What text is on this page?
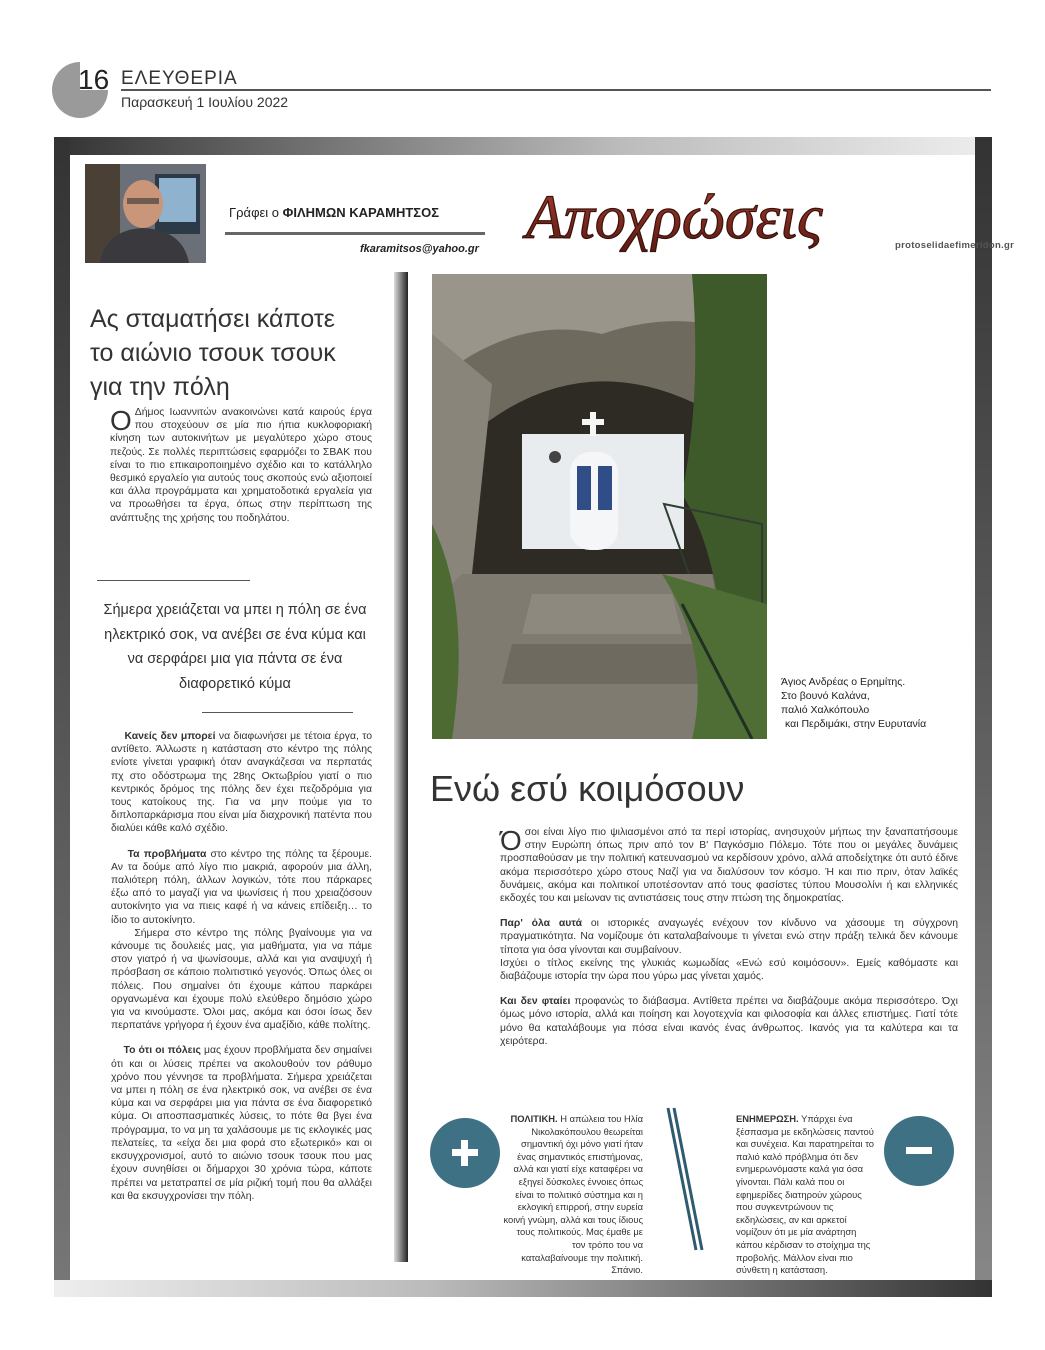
16 ΕΛΕΥΘΕΡΙΑ
Παρασκευή 1 Ιουλίου 2022
Γράφει ο ΦΙΛΗΜΩΝ ΚΑΡΑΜΗΤΣΟΣ
fkaramitsos@yahoo.gr Αποχρώσεις	protoselidaefimeridon.gr
Ας σταματήσει κάποτε
το αιώνιο τσουκ τσουκ
για την πόλη

Ο Δήμος Ιωαννιτών ανακοινώνει κατά καιρούς έργα που στοχεύουν σε μία πιο ήπια κυκλοφοριακή κίνηση των αυτοκινήτων με μεγαλύτερο χώρο στους πεζούς. Σε πολλές περιπτώσεις εφαρμόζει το ΣΒΑΚ που είναι το πιο επικαιροποιημένο σχέδιο και το κατάλληλο θεσμικό εργαλείο για αυτούς τους σκοπούς ενώ αξιοποιεί και άλλα προγράμματα και χρηματοδοτικά εργαλεία για να προωθήσει τα έργα, όπως στην περίπτωση της ανάπτυξης της χρήσης του ποδηλάτου.

Σήμερα χρειάζεται να μπει η πόλη σε ένα ηλεκτρικό σοκ, να ανέβει σε ένα κύμα και να σερφάρει μια για πάντα σε ένα διαφορετικό κύμα

Κανείς δεν μπορεί να διαφωνήσει με τέτοια έργα, το αντίθετο. Άλλωστε η κατάσταση στο κέντρο της πόλης ενίοτε γίνεται γραφική όταν αναγκάζεσαι να περπατάς πχ στο οδόστρωμα της 28ης Οκτωβρίου γιατί ο πιο κεντρικός δρόμος της πόλης δεν έχει πεζοδρόμια για τους κατοίκους της. Για να μην πούμε για το διπλοπαρκάρισμα που είναι μία διαχρονική πατέντα που διαλύει κάθε καλό σχέδιο.

Τα προβλήματα στο κέντρο της πόλης τα ξέρουμε. Αν τα δούμε από λίγο πιο μακριά, αφορούν μια άλλη, παλιότερη πόλη, άλλων λογικών, τότε που πάρκαρες έξω από το μαγαζί για να ψωνίσεις ή που χρειαζόσουν αυτοκίνητο για να πιεις καφέ ή να κάνεις επίδειξη… το ίδιο το αυτοκίνητο.

Σήμερα στο κέντρο της πόλης βγαίνουμε για να κάνουμε τις δουλειές μας, για μαθήματα, για να πάμε στον γιατρό ή να ψωνίσουμε, αλλά και για αναψυχή ή πρόσβαση σε κάποιο πολιτιστικό γεγονός. Όπως όλες οι πόλεις. Που σημαίνει ότι έχουμε κάπου παρκάρει οργανωμένα και έχουμε πολύ ελεύθερο δημόσιο χώρο για να κινούμαστε. Όλοι μας, ακόμα και όσοι ίσως δεν περπατάνε γρήγορα ή έχουν ένα αμαξίδιο, κάθε πολίτης.

Το ότι οι πόλεις μας έχουν προβλήματα δεν σημαίνει ότι και οι λύσεις πρέπει να ακολουθούν τον ράθυμο χρόνο που γέννησε τα προβλήματα. Σήμερα χρειάζεται να μπει η πόλη σε ένα ηλεκτρικό σοκ, να ανέβει σε ένα κύμα και να σερφάρει μια για πάντα σε ένα διαφορετικό κύμα. Οι αποσπασματικές λύσεις, το πότε θα βγει ένα πρόγραμμα, το να μη τα χαλάσουμε με τις εκλογικές μας πελατείες, τα «είχα δει μια φορά στο εξωτερικό» και οι εκσυγχρονισμοί, αυτό το αιώνιο τσουκ τσουκ που μας έχουν συνηθίσει οι δήμαρχοι 30 χρόνια τώρα, κάποτε πρέπει να μετατραπεί σε μία ριζική τομή που θα αλλάξει και θα εκσυγχρονίσει την πόλη.

Άγιος Ανδρέας ο Ερημίτης.
Στο βουνό Καλάνα,
παλιό Χαλκόπουλο
και Περδιμάκι, στην Ευρυτανία
Ενώ εσύ κοιμόσουν

Όσοι είναι λίγο πιο ψιλιασμένοι από τα περί ιστορίας, ανησυχούν μήπως την ξαναπατήσουμε στην Ευρώπη όπως πριν από τον Β' Παγκόσμιο Πόλεμο. Τότε που οι μεγάλες δυνάμεις προσπαθούσαν με την πολιτική κατευνασμού να κερδίσουν χρόνο, αλλά αποδείχτηκε ότι αυτό έδινε ακόμα περισσότερο χώρο στους Ναζί για να διαλύσουν τον κόσμο. Ή και πιο πριν, όταν λαϊκές δυνάμεις, ακόμα και πολιτικοί υποτέσονταν από τους φασίστες τύπου Μουσολίνι ή και ελληνικές εκδοχές του και μείωναν τις αντιστάσεις τους στην πτώση της δημοκρατίας.

Παρ' όλα αυτά οι ιστορικές αναγωγές ενέχουν τον κίνδυνο να χάσουμε τη σύγχρονη πραγματικότητα. Να νομίζουμε ότι καταλαβαίνουμε τι γίνεται ενώ στην πράξη τελικά δεν κάνουμε τίποτα για όσα γίνονται και συμβαίνουν.

Ισχύει ο τίτλος εκείνης της γλυκιάς κωμωδίας «Ενώ εσύ κοιμόσουν». Εμείς καθόμαστε και διαβάζουμε ιστορία την ώρα που γύρω μας γίνεται χαμός.

Και δεν φταίει προφανώς το διάβασμα. Αντίθετα πρέπει να διαβάζουμε ακόμα περισσότερο. Όχι όμως μόνο ιστορία, αλλά και ποίηση και λογοτεχνία και φιλοσοφία και άλλες επιστήμες. Γιατί τότε μόνο θα καταλάβουμε για πόσα είναι ικανός ένας άνθρωπος. Ικανός για τα καλύτερα και τα χειρότερα.

ΠΟΛΙΤΙΚΗ. Η απώλεια του Ηλία Νικολακόπουλου θεωρείται σημαντική όχι μόνο γιατί ήταν ένας σημαντικός επιστήμονας, αλλά και γιατί είχε καταφέρει να εξηγεί δύσκολες έννοιες όπως είναι το πολιτικό σύστημα και η εκλογική επιρροή, στην ευρεία κοινή γνώμη, αλλά και τους ίδιους τους πολιτικούς. Μας έμαθε με τον τρόπο του να καταλαβαίνουμε την πολιτική. Σπάνιο.
ΕΝΗΜΕΡΩΣΗ. Υπάρχει ένα ξέσπασμα με εκδηλώσεις παντού και συνέχεια. Και παρατηρείται το παλιό καλό πρόβλημα ότι δεν ενημερωνόμαστε καλά για όσα γίνονται. Πάλι καλά που οι εφημερίδες διατηρούν χώρους που συγκεντρώνουν τις εκδηλώσεις, αν και αρκετοί νομίζουν ότι με μία ανάρτηση κάπου κέρδισαν το στοίχημα της προβολής. Μάλλον είναι πιο σύνθετη η κατάσταση.
